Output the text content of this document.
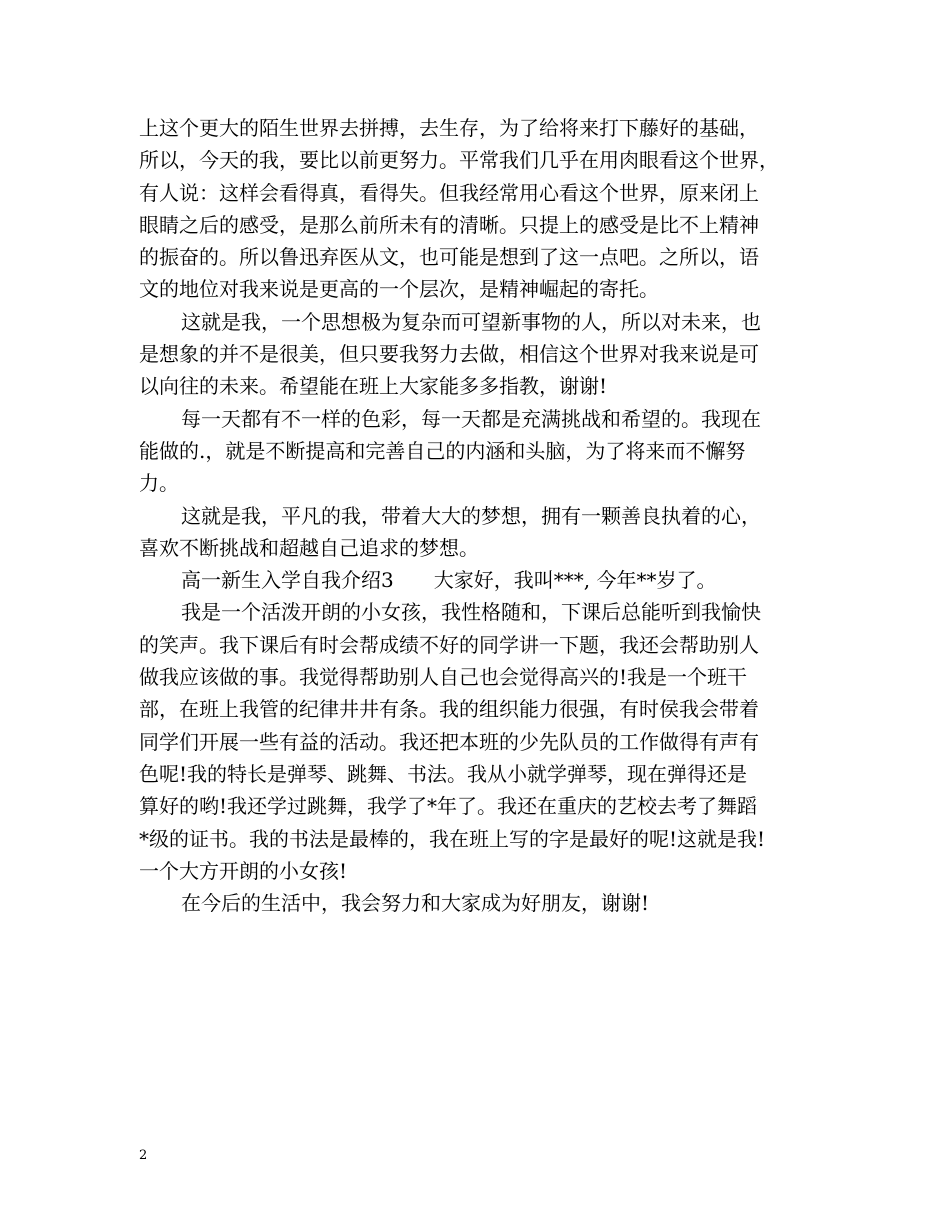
上这个更大的陌生世界去拼搏，去生存，为了给将来打下藤好的基础，
所以，今天的我，要比以前更努力。平常我们几乎在用肉眼看这个世界，
有人说：这样会看得真，看得失。但我经常用心看这个世界，原来闭上
眼睛之后的感受，是那么前所未有的清晰。只提上的感受是比不上精神
的振奋的。所以鲁迅弃医从文，也可能是想到了这一点吧。之所以，语
文的地位对我来说是更高的一个层次，是精神崛起的寄托。
这就是我，一个思想极为复杂而可望新事物的人，所以对未来，也
是想象的并不是很美，但只要我努力去做，相信这个世界对我来说是可
以向往的未来。希望能在班上大家能多多指教，谢谢!
每一天都有不一样的色彩，每一天都是充满挑战和希望的。我现在
能做的.，就是不断提高和完善自己的内涵和头脑，为了将来而不懈努
力。
这就是我，平凡的我，带着大大的梦想，拥有一颗善良执着的心，
喜欢不断挑战和超越自己追求的梦想。
高一新生入学自我介绍3　　大家好，我叫***, 今年**岁了。
我是一个活泼开朗的小女孩，我性格随和，下课后总能听到我愉快
的笑声。我下课后有时会帮成绩不好的同学讲一下题，我还会帮助别人
做我应该做的事。我觉得帮助别人自己也会觉得高兴的!我是一个班干
部，在班上我管的纪律井井有条。我的组织能力很强，有时侯我会带着
同学们开展一些有益的活动。我还把本班的少先队员的工作做得有声有
色呢!我的特长是弹琴、跳舞、书法。我从小就学弹琴，现在弹得还是
算好的哟!我还学过跳舞，我学了*年了。我还在重庆的艺校去考了舞蹈
*级的证书。我的书法是最棒的，我在班上写的字是最好的呢!这就是我!
一个大方开朗的小女孩!
在今后的生活中，我会努力和大家成为好朋友，谢谢!
2
